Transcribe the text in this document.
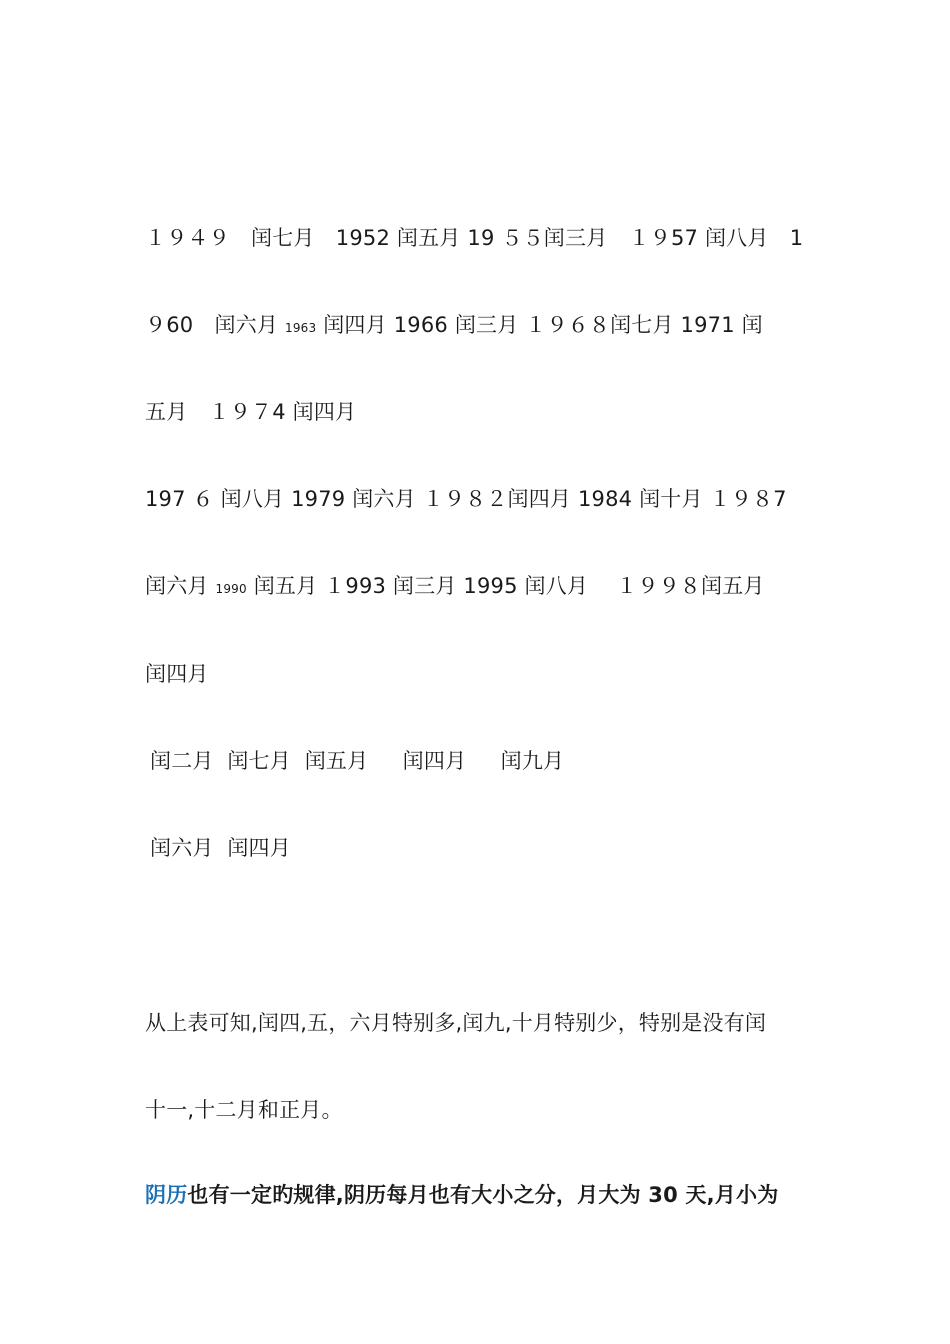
１９４９　闰七月　1952 闰五月 19 ５５闰三月　１９57 闰八月　1
９60　闰六月 1963 闰四月 1966 闰三月 １９６８闰七月 1971 闰
五月　１９７4 闰四月
197 ６ 闰八月 1979 闰六月 １９８２闰四月 1984 闰十月 １９８7
闰六月 1990 闰五月 １993 闰三月 1995 闰八月　 １９９８闰五月
闰四月
闰二月  闰七月  闰五月     闰四月     闰九月
闰六月  闰四月
从上表可知,闰四,五，六月特别多,闰九,十月特别少，特别是没有闰
十一,十二月和正月。
阴历也有一定旳规律,阴历每月也有大小之分，月大为 30 天,月小为
